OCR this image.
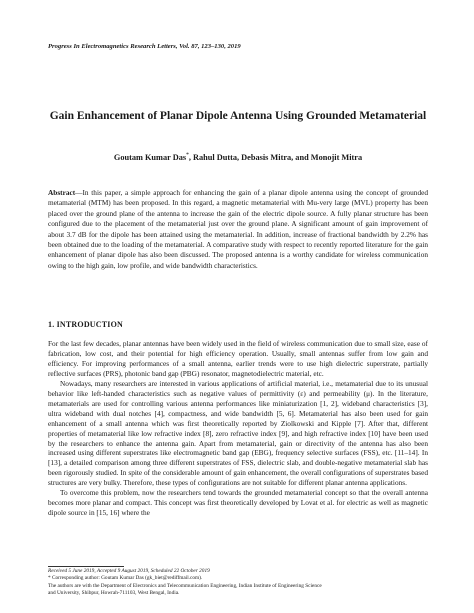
Progress In Electromagnetics Research Letters, Vol. 87, 123–130, 2019
Gain Enhancement of Planar Dipole Antenna Using Grounded Metamaterial
Goutam Kumar Das*, Rahul Dutta, Debasis Mitra, and Monojit Mitra
Abstract—In this paper, a simple approach for enhancing the gain of a planar dipole antenna using the concept of grounded metamaterial (MTM) has been proposed. In this regard, a magnetic metamaterial with Mu-very large (MVL) property has been placed over the ground plane of the antenna to increase the gain of the electric dipole source. A fully planar structure has been configured due to the placement of the metamaterial just over the ground plane. A significant amount of gain improvement of about 3.7 dB for the dipole has been attained using the metamaterial. In addition, increase of fractional bandwidth by 2.2% has been obtained due to the loading of the metamaterial. A comparative study with respect to recently reported literature for the gain enhancement of planar dipole has also been discussed. The proposed antenna is a worthy candidate for wireless communication owing to the high gain, low profile, and wide bandwidth characteristics.
1. INTRODUCTION

For the last few decades, planar antennas have been widely used in the field of wireless communication due to small size, ease of fabrication, low cost, and their potential for high efficiency operation. Usually, small antennas suffer from low gain and efficiency. For improving performances of a small antenna, earlier trends were to use high dielectric superstrate, partially reflective surfaces (PRS), photonic band gap (PBG) resonator, magnetodielectric material, etc.

Nowadays, many researchers are interested in various applications of artificial material, i.e., metamaterial due to its unusual behavior like left-handed characteristics such as negative values of permittivity (ε) and permeability (μ). In the literature, metamaterials are used for controlling various antenna performances like miniaturization [1, 2], wideband characteristics [3], ultra wideband with dual notches [4], compactness, and wide bandwidth [5, 6]. Metamaterial has also been used for gain enhancement of a small antenna which was first theoretically reported by Ziolkowski and Kipple [7]. After that, different properties of metamaterial like low refractive index [8], zero refractive index [9], and high refractive index [10] have been used by the researchers to enhance the antenna gain. Apart from metamaterial, gain or directivity of the antenna has also been increased using different superstrates like electromagnetic band gap (EBG), frequency selective surfaces (FSS), etc. [11–14]. In [13], a detailed comparison among three different superstrates of FSS, dielectric slab, and double-negative metamaterial slab has been rigorously studied. In spite of the considerable amount of gain enhancement, the overall configurations of superstrates based structures are very bulky. Therefore, these types of configurations are not suitable for different planar antenna applications.

To overcome this problem, now the researchers tend towards the grounded metamaterial concept so that the overall antenna becomes more planar and compact. This concept was first theoretically developed by Lovat et al. for electric as well as magnetic dipole source in [15, 16] where the

Received 5 June 2019, Accepted 9 August 2019, Scheduled 22 October 2019
* Corresponding author: Goutam Kumar Das (gk_biet@rediffmail.com).
The authors are with the Department of Electronics and Telecommunication Engineering, Indian Institute of Engineering Science
and University, Shibpur, Howrah-711103, West Bengal, India.
